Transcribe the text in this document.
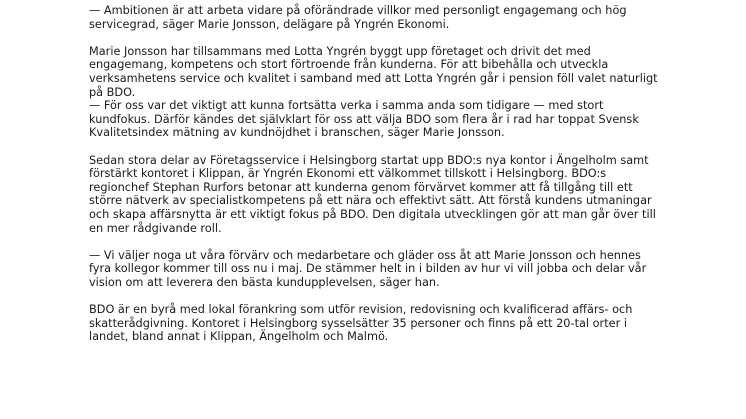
— Ambitionen är att arbeta vidare på oförändrade villkor med personligt engagemang och hög
servicegrad, säger Marie Jonsson, delägare på Yngrén Ekonomi.

Marie Jonsson har tillsammans med Lotta Yngrén byggt upp företaget och drivit det med
engagemang, kompetens och stort förtroende från kunderna. För att bibehålla och utveckla
verksamhetens service och kvalitet i samband med att Lotta Yngrén går i pension föll valet naturligt
på BDO.
— För oss var det viktigt att kunna fortsätta verka i samma anda som tidigare — med stort
kundfokus. Därför kändes det självklart för oss att välja BDO som flera år i rad har toppat Svensk
Kvalitetsindex mätning av kundnöjdhet i branschen, säger Marie Jonsson.

Sedan stora delar av Företagsservice i Helsingborg startat upp BDO:s nya kontor i Ängelholm samt
förstärkt kontoret i Klippan, är Yngrén Ekonomi ett välkommet tillskott i Helsingborg. BDO:s
regionchef Stephan Rurfors betonar att kunderna genom förvärvet kommer att få tillgång till ett
större nätverk av specialistkompetens på ett nära och effektivt sätt. Att förstå kundens utmaningar
och skapa affärsnytta är ett viktigt fokus på BDO. Den digitala utvecklingen gör att man går över till
en mer rådgivande roll.

— Vi väljer noga ut våra förvärv och medarbetare och gläder oss åt att Marie Jonsson och hennes
fyra kollegor kommer till oss nu i maj. De stämmer helt in i bilden av hur vi vill jobba och delar vår
vision om att leverera den bästa kundupplevelsen, säger han.

BDO är en byrå med lokal förankring som utför revision, redovisning och kvalificerad affärs- och
skatterådgivning. Kontoret i Helsingborg sysselsätter 35 personer och finns på ett 20-tal orter i
landet, bland annat i Klippan, Ängelholm och Malmö.
